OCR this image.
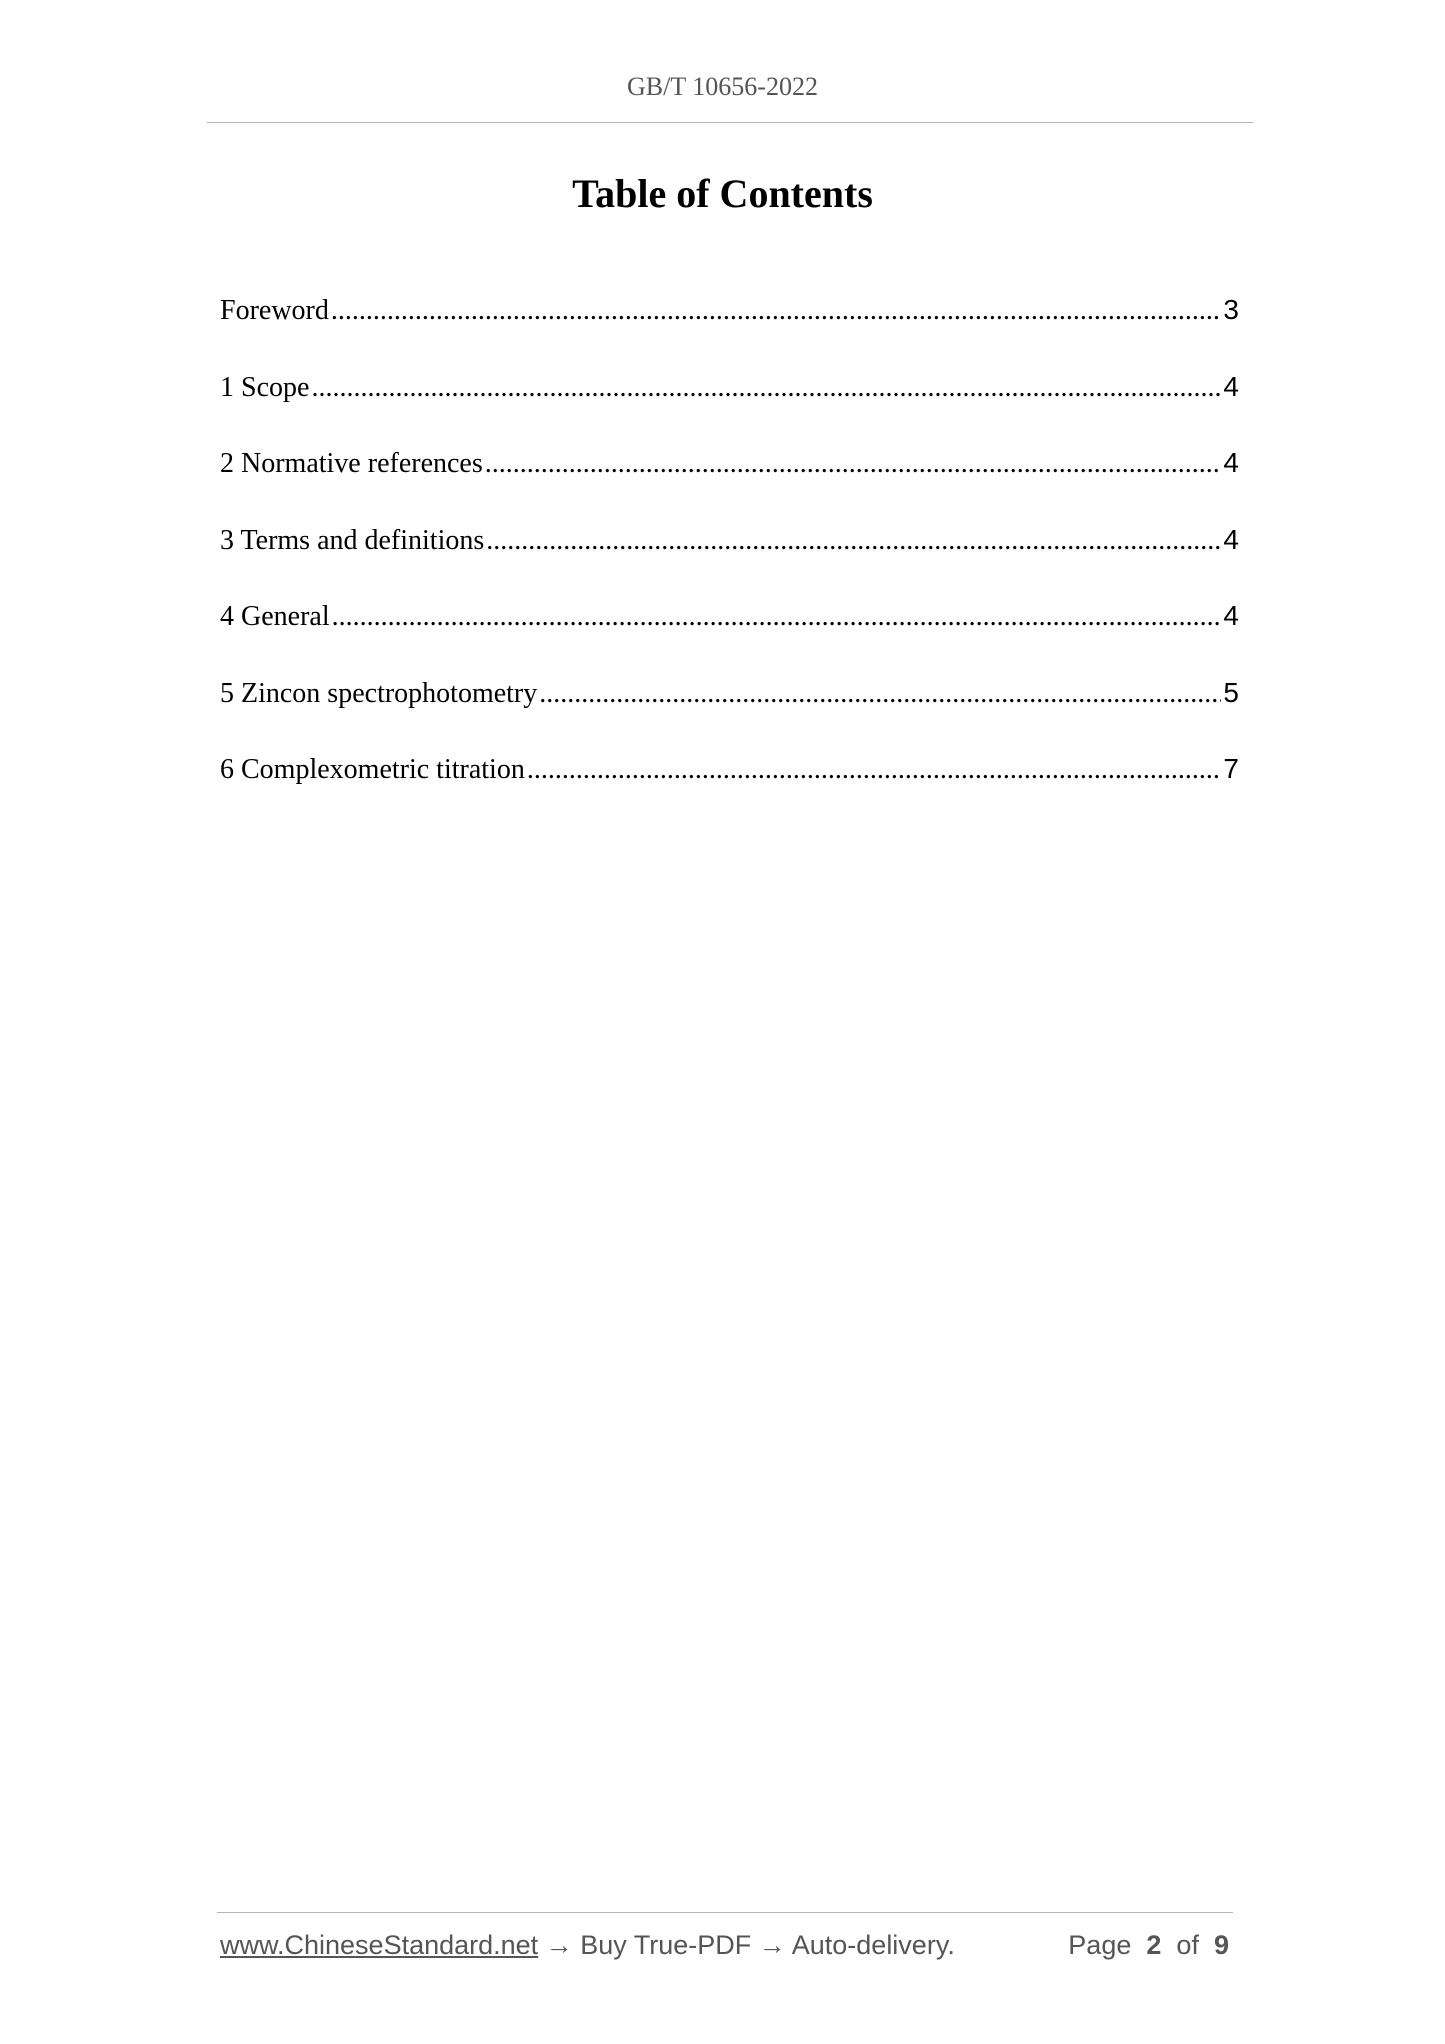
GB/T 10656-2022
Table of Contents
Foreword .....	3
1 Scope .....	4
2 Normative references .....	4
3 Terms and definitions .....	4
4 General .....	4
5 Zincon spectrophotometry .....	5
6 Complexometric titration .....	7
www.ChineseStandard.net → Buy True-PDF → Auto-delivery.	Page 2 of 9
